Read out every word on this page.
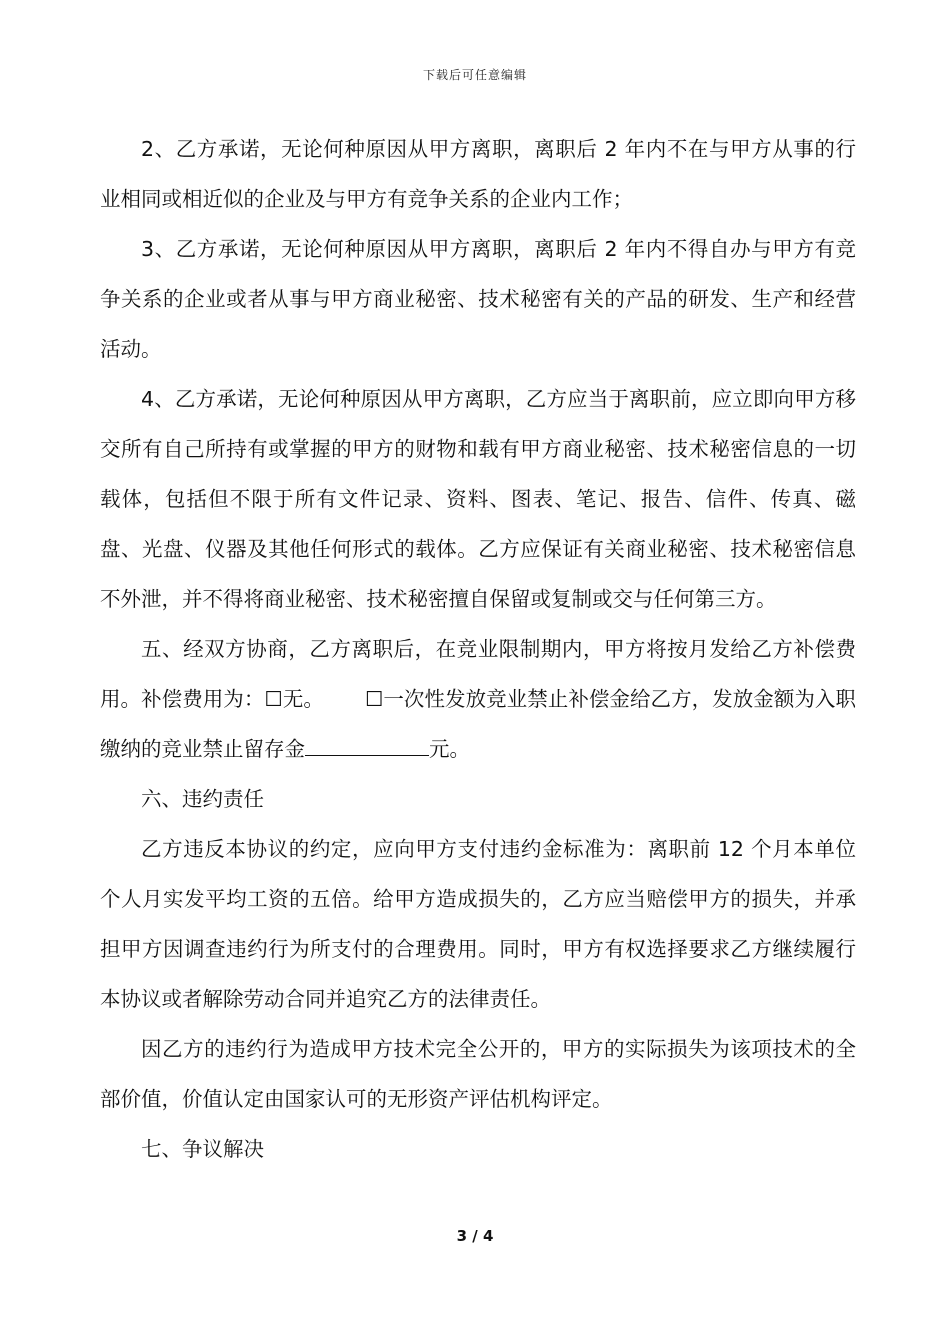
下载后可任意编辑

2、乙方承诺，无论何种原因从甲方离职，离职后 2 年内不在与甲方从事的行业相同或相近似的企业及与甲方有竞争关系的企业内工作；

3、乙方承诺，无论何种原因从甲方离职，离职后 2 年内不得自办与甲方有竞争关系的企业或者从事与甲方商业秘密、技术秘密有关的产品的研发、生产和经营活动。

4、乙方承诺，无论何种原因从甲方离职，乙方应当于离职前，应立即向甲方移交所有自己所持有或掌握的甲方的财物和载有甲方商业秘密、技术秘密信息的一切载体，包括但不限于所有文件记录、资料、图表、笔记、报告、信件、传真、磁盘、光盘、仪器及其他任何形式的载体。乙方应保证有关商业秘密、技术秘密信息不外泄，并不得将商业秘密、技术秘密擅自保留或复制或交与任何第三方。

五、经双方协商，乙方离职后，在竞业限制期内，甲方将按月发给乙方补偿费用。补偿费用为：☐无。   ☐一次性发放竞业禁止补偿金给乙方，发放金额为入职缴纳的竞业禁止留存金	元。

六、违约责任

乙方违反本协议的约定，应向甲方支付违约金标准为：离职前 12 个月本单位个人月实发平均工资的五倍。给甲方造成损失的，乙方应当赔偿甲方的损失，并承担甲方因调查违约行为所支付的合理费用。同时，甲方有权选择要求乙方继续履行本协议或者解除劳动合同并追究乙方的法律责任。

因乙方的违约行为造成甲方技术完全公开的，甲方的实际损失为该项技术的全部价值，价值认定由国家认可的无形资产评估机构评定。

七、争议解决

3 / 4
